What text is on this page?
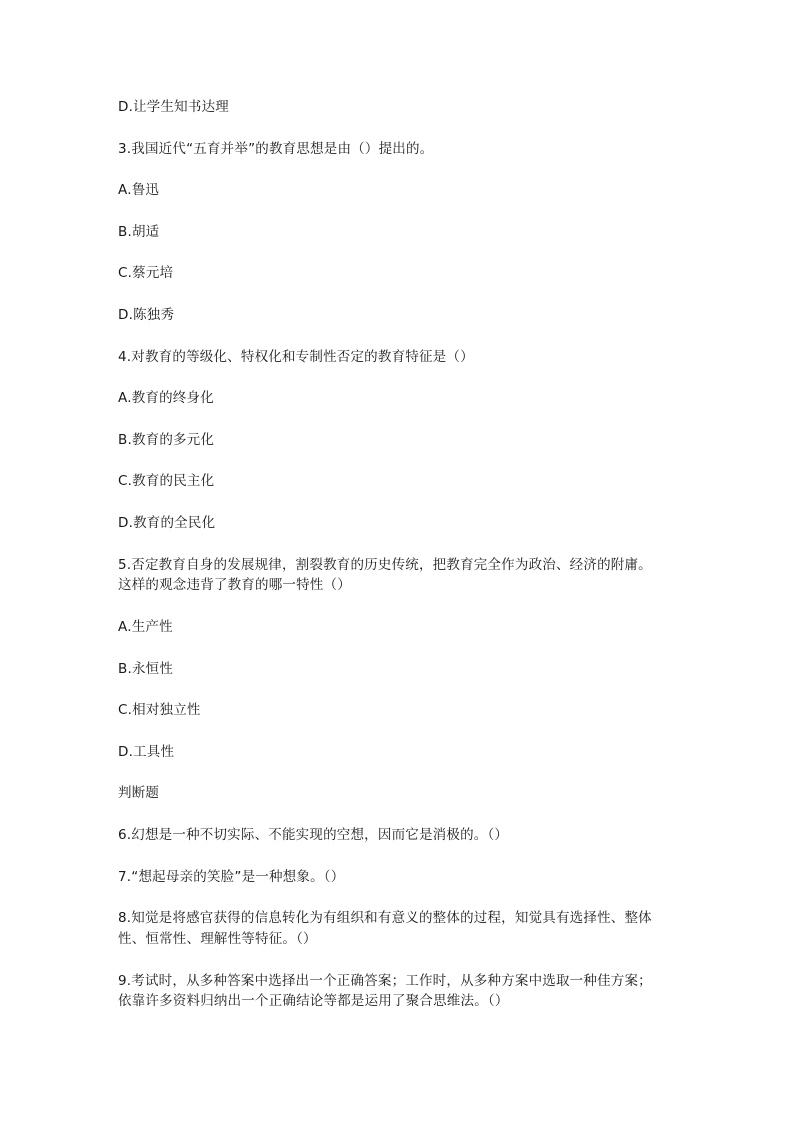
D.让学生知书达理
3.我国近代“五育并举”的教育思想是由（）提出的。
A.鲁迅
B.胡适
C.蔡元培
D.陈独秀
4.对教育的等级化、特权化和专制性否定的教育特征是（）
A.教育的终身化
B.教育的多元化
C.教育的民主化
D.教育的全民化
5.否定教育自身的发展规律，割裂教育的历史传统，把教育完全作为政治、经济的附庸。
这样的观念违背了教育的哪一特性（）
A.生产性
B.永恒性
C.相对独立性
D.工具性
判断题
6.幻想是一种不切实际、不能实现的空想，因而它是消极的。（）
7.“想起母亲的笑脸”是一种想象。（）
8.知觉是将感官获得的信息转化为有组织和有意义的整体的过程，知觉具有选择性、整体
性、恒常性、理解性等特征。（）
9.考试时，从多种答案中选择出一个正确答案；工作时，从多种方案中选取一种佳方案；
依靠许多资料归纳出一个正确结论等都是运用了聚合思维法。（）
